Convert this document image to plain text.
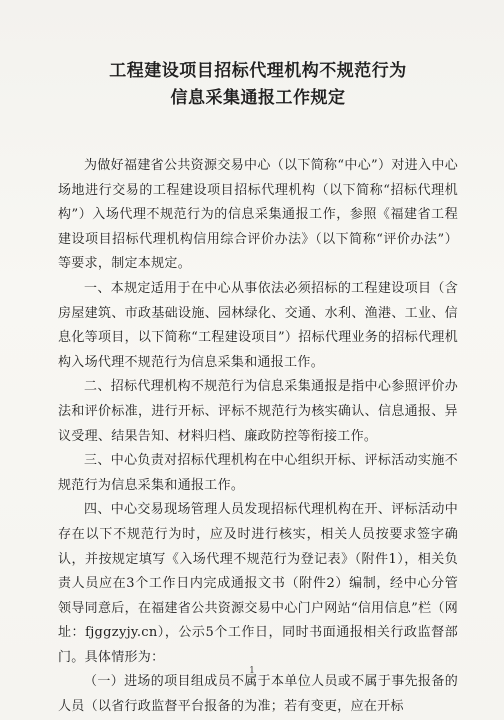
工程建设项目招标代理机构不规范行为

信息采集通报工作规定

为做好福建省公共资源交易中心（以下简称“中心”）对进入中心场地进行交易的工程建设项目招标代理机构（以下简称“招标代理机构”）入场代理不规范行为的信息采集通报工作，参照《福建省工程建设项目招标代理机构信用综合评价办法》（以下简称“评价办法”）等要求，制定本规定。

一、本规定适用于在中心从事依法必须招标的工程建设项目（含房屋建筑、市政基础设施、园林绿化、交通、水利、渔港、工业、信息化等项目，以下简称“工程建设项目”）招标代理业务的招标代理机构入场代理不规范行为信息采集和通报工作。

二、招标代理机构不规范行为信息采集通报是指中心参照评价办法和评价标准，进行开标、评标不规范行为核实确认、信息通报、异议受理、结果告知、材料归档、廉政防控等衔接工作。

三、中心负责对招标代理机构在中心组织开标、评标活动实施不规范行为信息采集和通报工作。

四、中心交易现场管理人员发现招标代理机构在开、评标活动中存在以下不规范行为时，应及时进行核实，相关人员按要求签字确认，并按规定填写《入场代理不规范行为登记表》（附件1），相关负责人员应在3个工作日内完成通报文书（附件2）编制，经中心分管领导同意后，在福建省公共资源交易中心门户网站“信用信息”栏（网址：fjggzyjy.cn），公示5个工作日，同时书面通报相关行政监督部门。具体情形为：

（一）进场的项目组成员不属于本单位人员或不属于事先报备的人员（以省行政监督平台报备的为准；若有变更，应在开标

1
